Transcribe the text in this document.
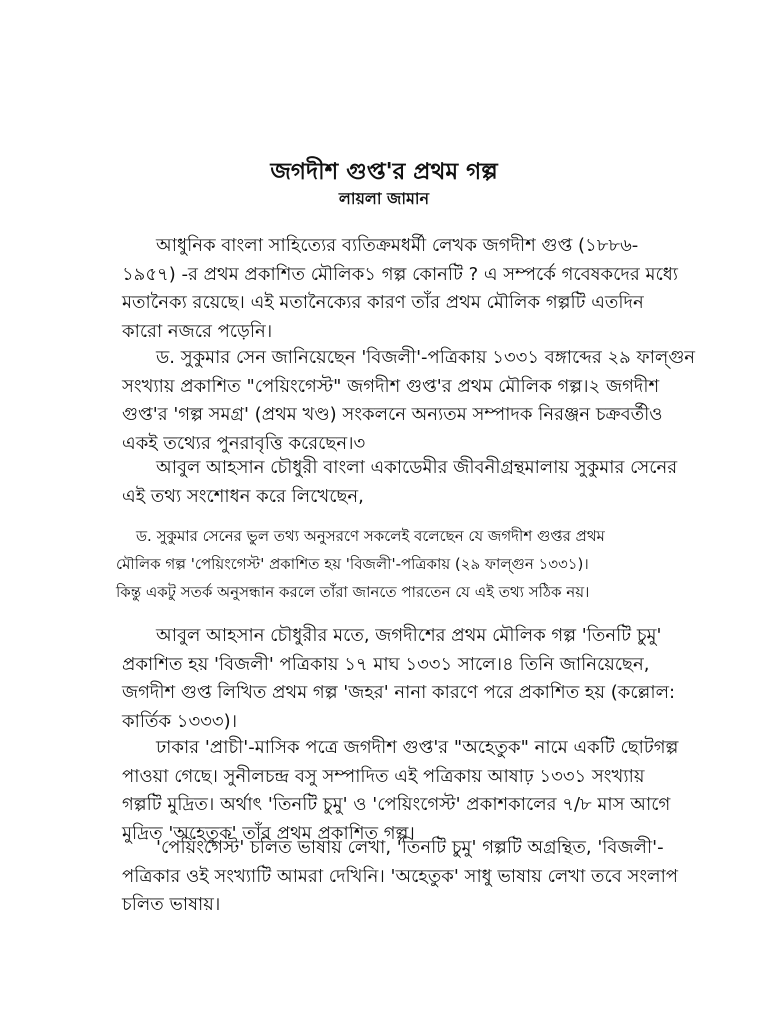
জগদীশ গুপ্ত'র প্রথম গল্প
লায়লা জামান
আধুনিক বাংলা সাহিত্যের ব্যতিক্রমধর্মী লেখক জগদীশ গুপ্ত (১৮৮৬-
১৯৫৭) -র প্রথম প্রকাশিত মৌলিক১ গল্প কোনটি ? এ সম্পর্কে গবেষকদের মধ্যে
মতানৈক্য রয়েছে। এই মতানৈক্যের কারণ তাঁর প্রথম মৌলিক গল্পটি এতদিন
কারো নজরে পড়েনি।
ড. সুকুমার সেন জানিয়েছেন 'বিজলী'-পত্রিকায় ১৩৩১ বঙ্গাব্দের ২৯ ফাল্গুন
সংখ্যায় প্রকাশিত "পেয়িংগেস্ট" জগদীশ গুপ্ত'র প্রথম মৌলিক গল্প।২ জগদীশ
গুপ্ত'র 'গল্প সমগ্র' (প্রথম খণ্ড) সংকলনে অন্যতম সম্পাদক নিরঞ্জন চক্রবর্তীও
একই তথ্যের পুনরাবৃত্তি করেছেন।৩
আবুল আহসান চৌধুরী বাংলা একাডেমীর জীবনীগ্রন্থমালায় সুকুমার সেনের
এই তথ্য সংশোধন করে লিখেছেন,
ড. সুকুমার সেনের ভুল তথ্য অনুসরণে সকলেই বলেছেন যে জগদীশ গুপ্তর প্রথম
মৌলিক গল্প 'পেয়িংগেস্ট' প্রকাশিত হয় 'বিজলী'-পত্রিকায় (২৯ ফাল্গুন ১৩৩১)।
কিন্তু একটু সতর্ক অনুসন্ধান করলে তাঁরা জানতে পারতেন যে এই তথ্য সঠিক নয়।
আবুল আহসান চৌধুরীর মতে, জগদীশের প্রথম মৌলিক গল্প 'তিনটি চুমু'
প্রকাশিত হয় 'বিজলী' পত্রিকায় ১৭ মাঘ ১৩৩১ সালে।৪ তিনি জানিয়েছেন,
জগদীশ গুপ্ত লিখিত প্রথম গল্প 'জহর' নানা কারণে পরে প্রকাশিত হয় (কল্লোল:
কার্তিক ১৩৩৩)।
ঢাকার 'প্রাচী'-মাসিক পত্রে জগদীশ গুপ্ত'র "অহেতুক" নামে একটি ছোটগল্প
পাওয়া গেছে। সুনীলচন্দ্র বসু সম্পাদিত এই পত্রিকায় আষাঢ় ১৩৩১ সংখ্যায়
গল্পটি মুদ্রিত। অর্থাৎ 'তিনটি চুমু' ও 'পেয়িংগেস্ট' প্রকাশকালের ৭/৮ মাস আগে
মুদ্রিত 'অহেতুক' তাঁর প্রথম প্রকাশিত গল্প।
'পেয়িংগেস্ট' চলিত ভাষায় লেখা, 'তিনটি চুমু' গল্পটি অগ্রন্থিত, 'বিজলী'-
পত্রিকার ওই সংখ্যাটি আমরা দেখিনি। 'অহেতুক' সাধু ভাষায় লেখা তবে সংলাপ
চলিত ভাষায়।
